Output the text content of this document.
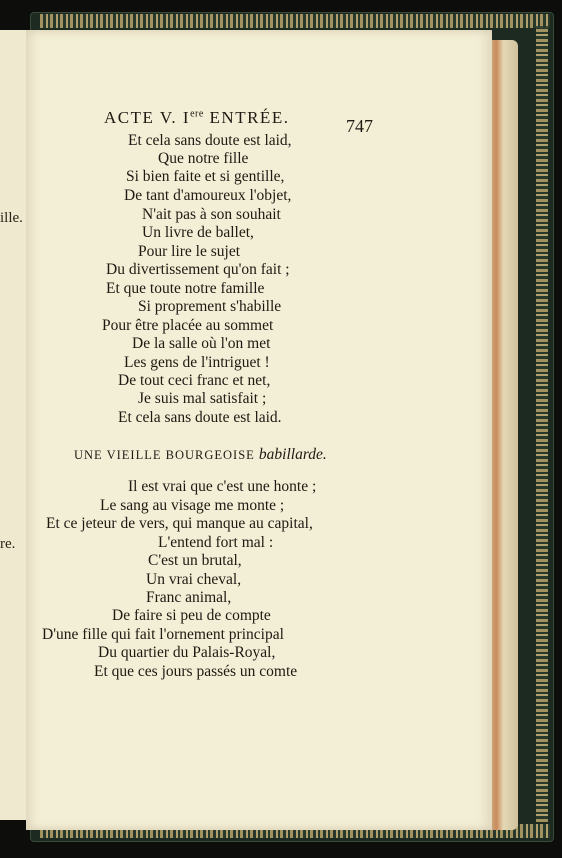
ille.
re.
ACTE V. Iere ENTRÉE.	747
Et cela sans doute est laid,
Que notre fille
Si bien faite et si gentille,
De tant d'amoureux l'objet,
N'ait pas à son souhait
Un livre de ballet,
Pour lire le sujet
Du divertissement qu'on fait ;
Et que toute notre famille
Si proprement s'habille
Pour être placée au sommet
De la salle où l'on met
Les gens de l'intriguet !
De tout ceci franc et net,
Je suis mal satisfait ;
Et cela sans doute est laid.
UNE VIEILLE BOURGEOISE babillarde.
Il est vrai que c'est une honte ;
Le sang au visage me monte ;
Et ce jeteur de vers, qui manque au capital,
L'entend fort mal :
C'est un brutal,
Un vrai cheval,
Franc animal,
De faire si peu de compte
D'une fille qui fait l'ornement principal
Du quartier du Palais-Royal,
Et que ces jours passés un comte
